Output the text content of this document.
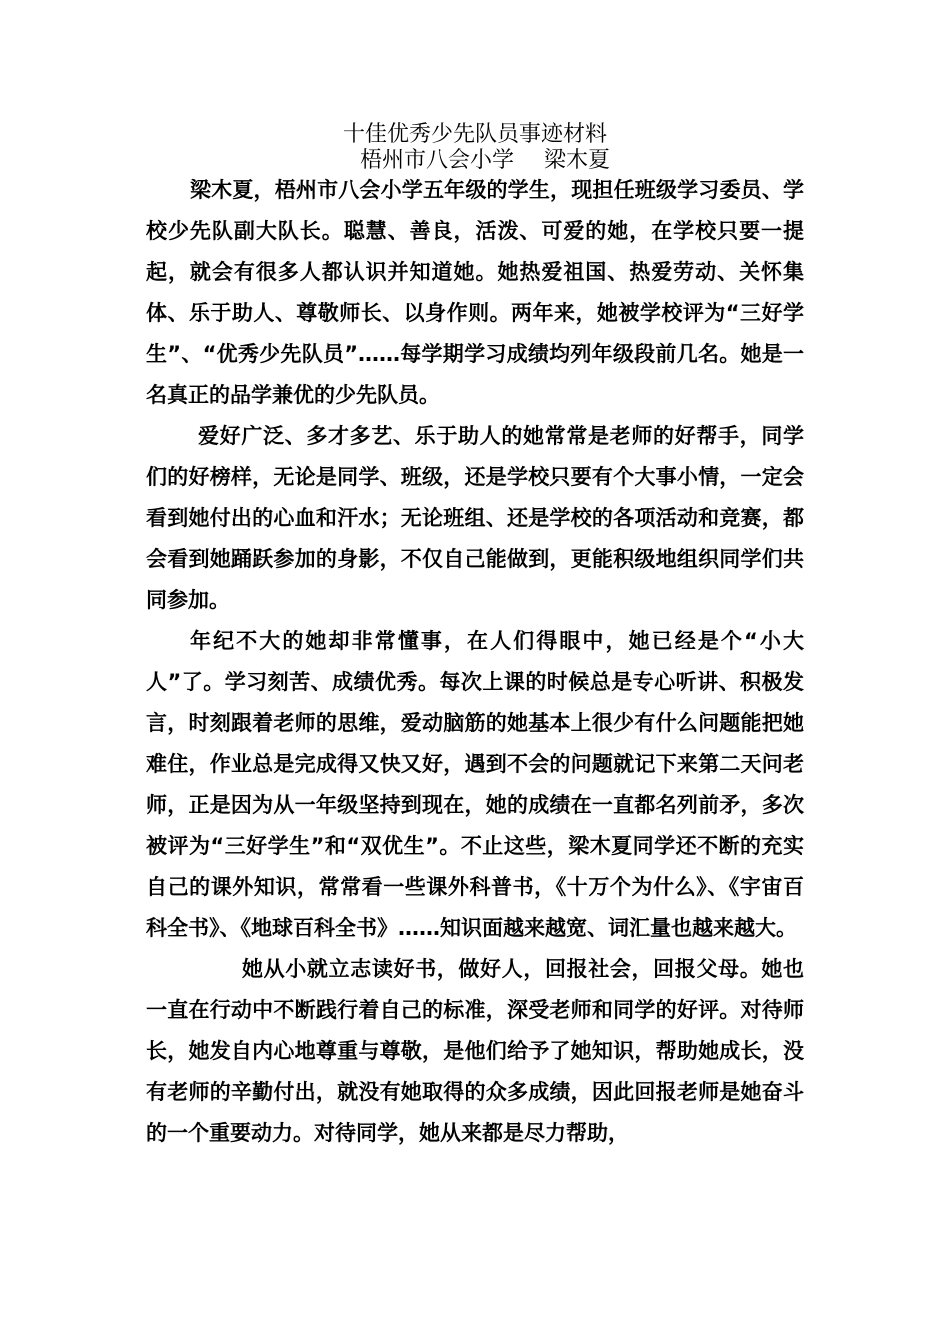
十佳优秀少先队员事迹材料
梧州市八会小学 梁木夏

梁木夏，梧州市八会小学五年级的学生，现担任班级学习委员、学校少先队副大队长。聪慧、善良，活泼、可爱的她，在学校只要一提起，就会有很多人都认识并知道她。她热爱祖国、热爱劳动、关怀集体、乐于助人、尊敬师长、以身作则。两年来，她被学校评为“三好学生”、“优秀少先队员”……每学期学习成绩均列年级段前几名。她是一名真正的品学兼优的少先队员。

爱好广泛、多才多艺、乐于助人的她常常是老师的好帮手，同学们的好榜样，无论是同学、班级，还是学校只要有个大事小情，一定会看到她付出的心血和汗水；无论班组、还是学校的各项活动和竞赛，都会看到她踊跃参加的身影，不仅自己能做到，更能积级地组织同学们共同参加。

年纪不大的她却非常懂事，在人们得眼中，她已经是个“小大人”了。学习刻苦、成绩优秀。每次上课的时候总是专心听讲、积极发言，时刻跟着老师的思维，爱动脑筋的她基本上很少有什么问题能把她难住，作业总是完成得又快又好，遇到不会的问题就记下来第二天问老师，正是因为从一年级坚持到现在，她的成绩在一直都名列前矛，多次被评为“三好学生”和“双优生”。不止这些，梁木夏同学还不断的充实自己的课外知识，常常看一些课外科普书，《十万个为什么》、《宇宙百科全书》、《地球百科全书》……知识面越来越宽、词汇量也越来越大。

她从小就立志读好书，做好人，回报社会，回报父母。她也一直在行动中不断践行着自己的标准，深受老师和同学的好评。对待师长，她发自内心地尊重与尊敬，是他们给予了她知识，帮助她成长，没有老师的辛勤付出，就没有她取得的众多成绩，因此回报老师是她奋斗的一个重要动力。对待同学，她从来都是尽力帮助，
